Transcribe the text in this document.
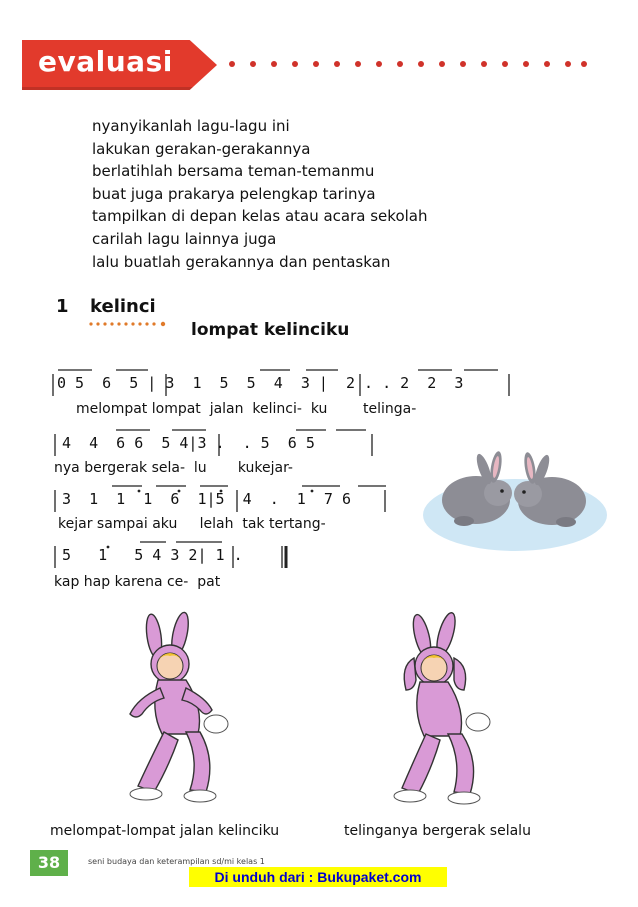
evaluasi
nyanyikanlah lagu-lagu ini
lakukan gerakan-gerakannya
berlatihlah bersama teman-temanmu
buat juga prakarya pelengkap tarinya
tampilkan di depan kelas atau acara sekolah
carilah lagu lainnya juga
lalu buatlah gerakannya dan pentaskan
1 kelinci
lompat kelinciku
0 5  6  5 | 3  1  5  5  4  3 |  2 . . 2  2  3
melompat lompat  jalan  kelinci-  ku        telinga-
4  4  6 6  5 4|3 .  . 5  6 5
nya bergerak sela-  lu       kukejar-
3  1  1  1  6  1|5  4  .  1  7 6
kejar sampai aku     lelah  tak tertang-
5   1   5 4 3 2| 1 .
kap hap karena ce-  pat
melompat-lompat jalan kelinciku	telinganya bergerak selalu
38	seni budaya dan keterampilan sd/mi kelas 1
Di unduh dari : Bukupaket.com
